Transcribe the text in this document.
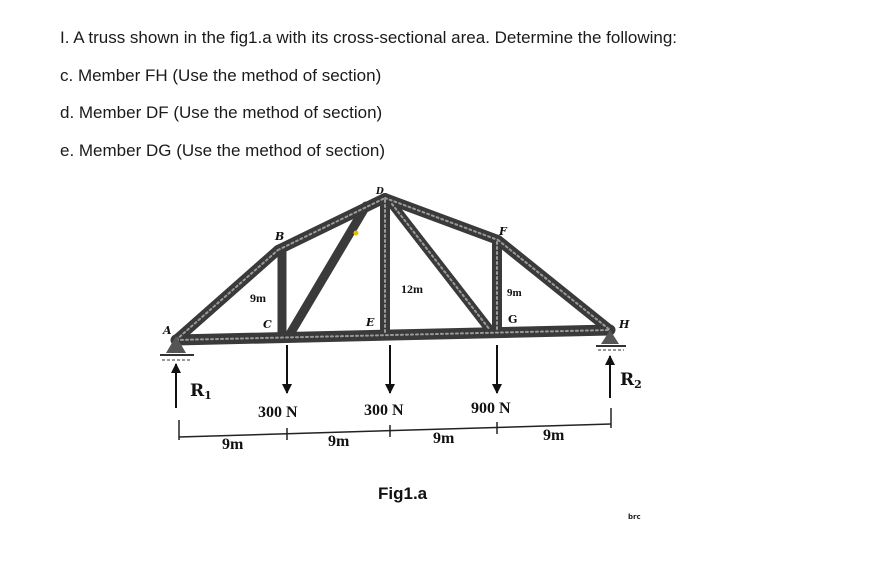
I. A truss shown in the fig1.a with its cross-sectional area. Determine the following:
c. Member FH (Use the method of section)
d. Member DF (Use the method of section)
e. Member DG (Use the method of section)
R1
R2
300 N	300 N	900 N
9m	9m	9m	9m
A
B
C
D
E
F
G	H
9m
12m	9m
Fig1.a
brc
